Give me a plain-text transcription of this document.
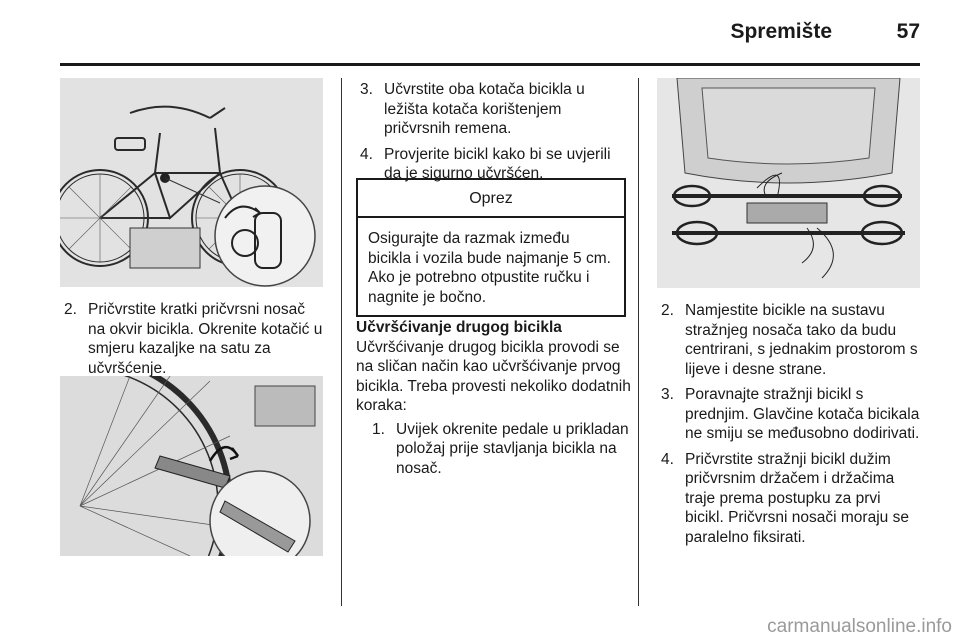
Spremište	57
2. Pričvrstite kratki pričvrsni nosač na okvir bicikla. Okrenite kotačić u smjeru kazaljke na satu za učvršćenje.
3. Učvrstite oba kotača bicikla u ležišta kotača korištenjem pričvrsnih remena.
4. Provjerite bicikl kako bi se uvjerili da je sigurno učvršćen.
Oprez
Osigurajte da razmak između bicikla i vozila bude najmanje 5 cm. Ako je potrebno otpustite ručku i nagnite je bočno.
Učvršćivanje drugog bicikla
Učvršćivanje drugog bicikla provodi se na sličan način kao učvršćivanje prvog bicikla. Treba provesti nekoliko dodatnih koraka:
1. Uvijek okrenite pedale u prikladan položaj prije stavljanja bicikla na nosač.
2. Namjestite bicikle na sustavu stražnjeg nosača tako da budu centrirani, s jednakim prostorom s lijeve i desne strane.
3. Poravnajte stražnji bicikl s prednjim. Glavčine kotača bicikala ne smiju se međusobno dodirivati.
4. Pričvrstite stražnji bicikl dužim pričvrsnim držačem i držačima traje prema postupku za prvi bicikl. Pričvrsni nosači moraju se paralelno fiksirati.
carmanualsonline.info
